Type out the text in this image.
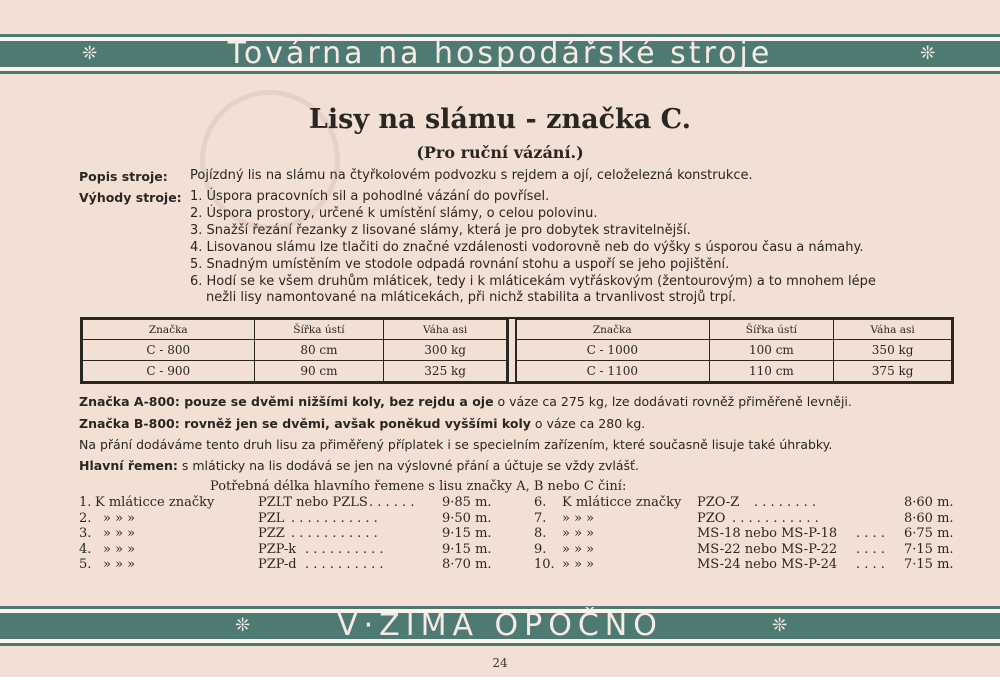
❊	Továrna na hospodářské stroje	❊
Lisy na slámu - značka C.
(Pro ruční vázání.)
Popis stroje: Pojízdný lis na slámu na čtyřkolovém podvozku s rejdem a ojí, celoželezná konstrukce.
Výhody stroje: 1. Úspora pracovních sil a pohodlné vázání do povřísel.
2. Úspora prostory, určené k umístění slámy, o celou polovinu.
3. Snažší řezání řezanky z lisované slámy, která je pro dobytek stravitelnější.
4. Lisovanou slámu lze tlačiti do značné vzdálenosti vodorovně neb do výšky s úsporou času a námahy.
5. Snadným umístěním ve stodole odpadá rovnání stohu a uspoří se jeho pojištění.
6. Hodí se ke všem druhům mláticek, tedy i k mláticekám vytřáskovým (žentourovým) a to mnohem lépe
nežli lisy namontované na mláticekách, při nichž stabilita a trvanlivost strojů trpí.
Značka	Šířka ústí	Váha asi
C - 800	80 cm	300 kg
C - 900	90 cm	325 kg
Značka	Šířka ústí	Váha asi
C - 1000	100 cm	350 kg
C - 1100	110 cm	375 kg
Značka A-800: pouze se dvěmi nižšími koly, bez rejdu a oje o váze ca 275 kg, lze dodávati rovněž přiměřeně levněji.
Značka B-800: rovněž jen se dvěmi, avšak poněkud vyššími koly o váze ca 280 kg.
Na přání dodáváme tento druh lisu za přiměřený příplatek i se specielním zařízením, které současně lisuje také úhrabky.
Hlavní řemen: s mláticky na lis dodává se jen na výslovné přání a účtuje se vždy zvlášť.
Potřebná délka hlavního řemene s lisu značky A, B nebo C činí:
1. K mláticce značky	PZLT nebo PZLS . . . . . . 9·85 m.
2. » » »	PZL . . . . . . . . . . .	9·50 m.
3. » » »	PZZ . . . . . . . . . . .	9·15 m.
4. » » »	PZP-k . . . . . . . . . .	9·15 m.
5. » » »	PZP-d . . . . . . . . . .	8·70 m.
6. K mláticce značky PZO-Z . . . . . . . .	8·60 m.
7. » » »	PZO . . . . . . . . . . .	8·60 m.
8. » » »	MS-18 nebo MS-P-18 . . . . 6·75 m.
9. » » »	MS-22 nebo MS-P-22 . . . . 7·15 m.
10. » » »	MS-24 nebo MS-P-24 . . . . 7·15 m.
❊	V·ZIMA OPOČNO	❊
24
